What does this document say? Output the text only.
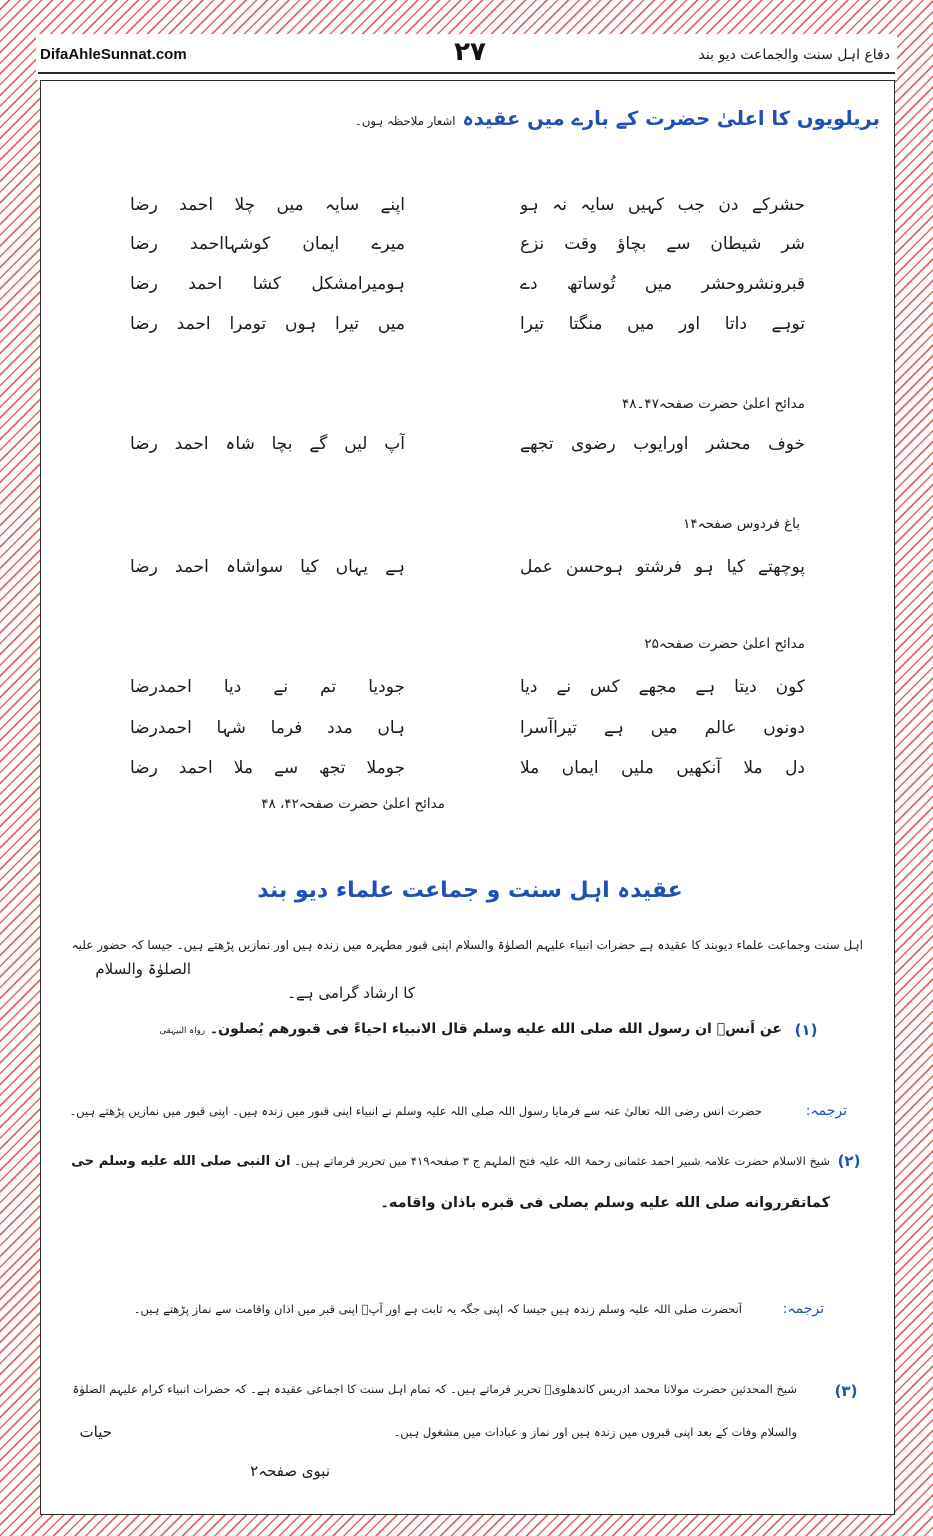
DifaAhleSunnat.com	۲۷	دفاع اہل سنت والجماعت دیو بند
بریلویوں کا اعلیٰ حضرت کے بارے میں عقیدہ اشعار ملاحظہ ہوں۔
حشرکے دن جب کہیں سایہ نہ ہو
اپنے سایہ میں چلا احمد رضا
شر شیطان سے بچاؤ وقت نزع
میرے ایمان کوشہااحمد رضا
قبرونشروحشر میں تُوساتھ دے
ہومیرامشکل کشا احمد رضا
توہے داتا اور میں منگتا تیرا
میں تیرا ہوں تومرا احمد رضا
مدائح اعلیٰ حضرت صفحہ۴۷۔۴۸
خوف محشر اورایوب رضوی تجھے
آپ لیں گے بچا شاہ احمد رضا
باغ فردوس صفحہ۱۴
پوچھتے کیا ہو فرشتو ہوحسن عمل
ہے یہاں کیا سواشاہ احمد رضا
مدائح اعلیٰ حضرت صفحہ۲۵
کون دیتا ہے مجھے کس نے دیا
جودیا تم نے دیا احمدرضا
دونوں عالم میں ہے تیراآسرا
ہاں مدد فرما شہا احمدرضا
دل ملا آنکھیں ملیں ایماں ملا
جوملا تجھ سے ملا احمد رضا
مدائح اعلیٰ حضرت صفحہ۴۲، ۴۸
عقیدہ اہل سنت و جماعت علماء دیو بند
اہل سنت وجماعت علماء دیوبند کا عقیدہ ہے حضرات انبیاء علیہم الصلوٰۃ والسلام اپنی قبور مطہرہ میں زندہ ہیں اور نمازیں پڑھتے ہیں۔ جیسا کہ حضور علیہ
الصلوٰۃ والسلام
کا ارشاد گرامی ہے۔
(۱)
عن اَنسؓ ان رسول الله صلی الله علیه وسلم قال الانبیاء احیاءً فی قبورهم یُصلون۔ رواہ البیہقی
ترجمہ:
حضرت انس رضی اللہ تعالیٰ عنہ سے فرمایا رسول اللہ صلی اللہ علیہ وسلم نے انبیاء اپنی قبور میں زندہ ہیں۔ اپنی قبور میں نمازیں پڑھتے ہیں۔
(۲)
شیخ الاسلام حضرت علامہ شبیر احمد عثمانی رحمۃ اللہ علیہ فتح الملہم ج ۳ صفحہ۴۱۹ میں تحریر فرماتے ہیں۔ ان النبی صلی الله علیه وسلم حی
کماتقرروانه صلی الله علیه وسلم یصلی فی قبره باذان واقامه۔
ترجمہ:
آنحضرت صلی اللہ علیہ وسلم زندہ ہیں جیسا کہ اپنی جگہ یہ ثابت ہے اور آپؐ اپنی قبر میں اذان واقامت سے نماز پڑھتے ہیں۔
(۳)
شیخ المحدثین حضرت مولانا محمد ادریس کاندھلویؒ تحریر فرماتے ہیں۔ کہ تمام اہل سنت کا اجماعی عقیدہ ہے۔ کہ حضرات انبیاء کرام علیہم الصلوٰۃ
والسلام وفات کے بعد اپنی قبروں میں زندہ ہیں اور نماز و عبادات میں مشغول ہیں۔
حیات
نبوی صفحہ۲
